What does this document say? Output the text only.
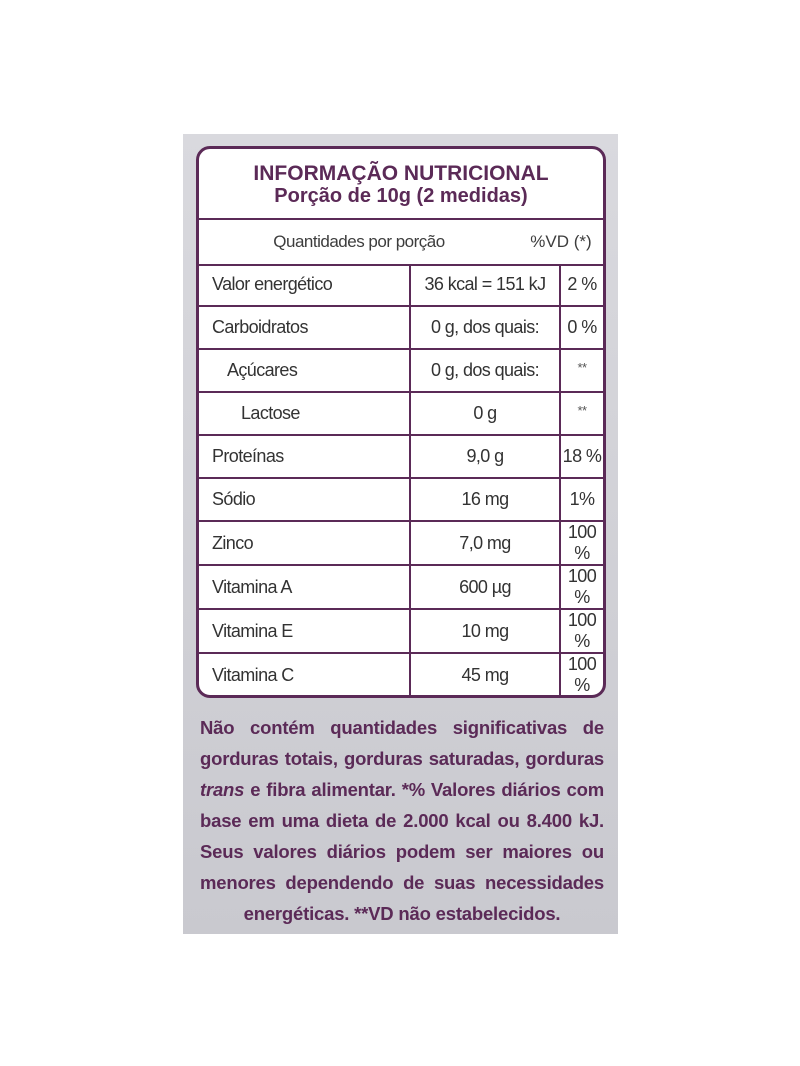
INFORMAÇÃO NUTRICIONAL
Porção de 10g (2 medidas)
Quantidades por porção	%VD (*)
Valor energético	36 kcal = 151 kJ	2 %
Carboidratos	0 g, dos quais:	0 %
Açúcares	0 g, dos quais:	**
Lactose	0 g	**
Proteínas	9,0 g	18 %
Sódio	16 mg	1%
Zinco	7,0 mg	100 %
Vitamina A	600 µg	100 %
Vitamina E	10 mg	100 %
Vitamina C	45 mg	100 %
Não contém quantidades significativas de gorduras totais, gorduras saturadas, gorduras trans e fibra alimentar. *% Valores diários com base em uma dieta de 2.000 kcal ou 8.400 kJ. Seus valores diários podem ser maiores ou menores dependendo de suas necessidades energéticas. **VD não estabelecidos.
